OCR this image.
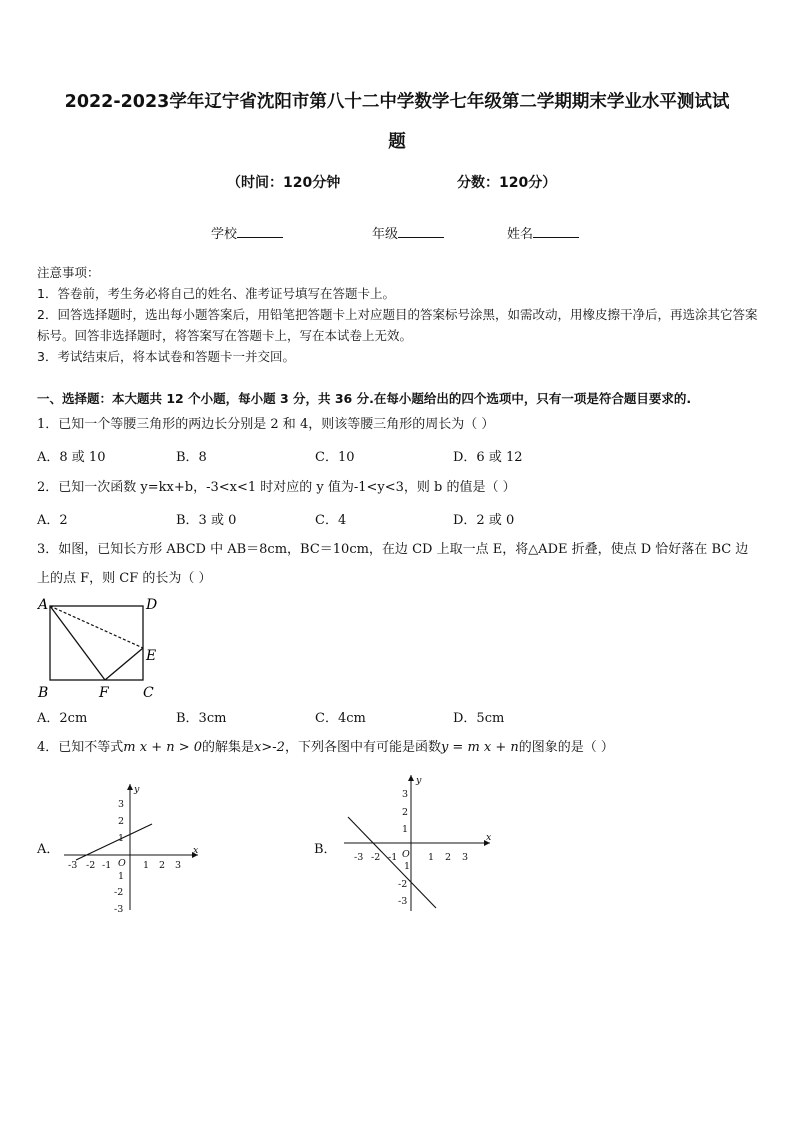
2022-2023学年辽宁省沈阳市第八十二中学数学七年级第二学期期末学业水平测试试
题
（时间：120分钟	分数：120分）
学校	年级	姓名
注意事项：
1．答卷前，考生务必将自己的姓名、准考证号填写在答题卡上。
2．回答选择题时，选出每小题答案后，用铅笔把答题卡上对应题目的答案标号涂黑，如需改动，用橡皮擦干净后，再选涂其它答案标号。回答非选择题时，将答案写在答题卡上，写在本试卷上无效。
3．考试结束后，将本试卷和答题卡一并交回。
一、选择题：本大题共 12 个小题，每小题 3 分，共 36 分.在每小题给出的四个选项中，只有一项是符合题目要求的.
1．已知一个等腰三角形的两边长分别是 2 和 4，则该等腰三角形的周长为（ ）
A．8 或 10	B．8	C．10	D．6 或 12
2．已知一次函数 y=kx+b，-3<x<1 时对应的 y 值为-1<y<3，则 b 的值是（ ）
A．2	B．3 或 0	C．4	D．2 或 0
3．如图，已知长方形 ABCD 中 AB＝8cm，BC＝10cm，在边 CD 上取一点 E，将△ADE 折叠，使点 D 恰好落在 BC 边
上的点 F，则 CF 的长为（ ）
A	D
E
B	F C
A．2cm	B．3cm	C．4cm	D．5cm
4．已知不等式m x + n > 0的解集是x>-2，下列各图中有可能是函数y = m x + n的图象的是（ ）
A．	B．
-3 -2 -1	1 2 3
3
2
1
1
-2
-3
x
y
O
-3 -2 -1	1 2 3
3
2
1
1
-2
-3
x
y
O
